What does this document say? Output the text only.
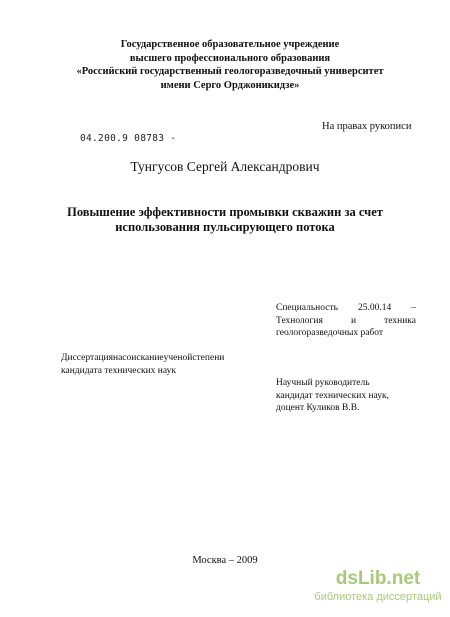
Государственное образовательное учреждение
высшего профессионального образования
«Российский государственный геологоразведочный университет
имени Серго Орджоникидзе»
На правах рукописи
04.200.9 08783 -
Тунгусов Сергей Александрович
Повышение эффективности промывки скважин за счет
использования пульсирующего потока
Специальность 25.00.14 –
Технология	и	техника
геологоразведочных работ
Диссертация на соискание ученой степени
кандидата технических наук
Научный руководитель
кандидат технических наук,
доцент Куликов В.В.
Москва – 2009
dsLib.net
библиотека диссертаций
